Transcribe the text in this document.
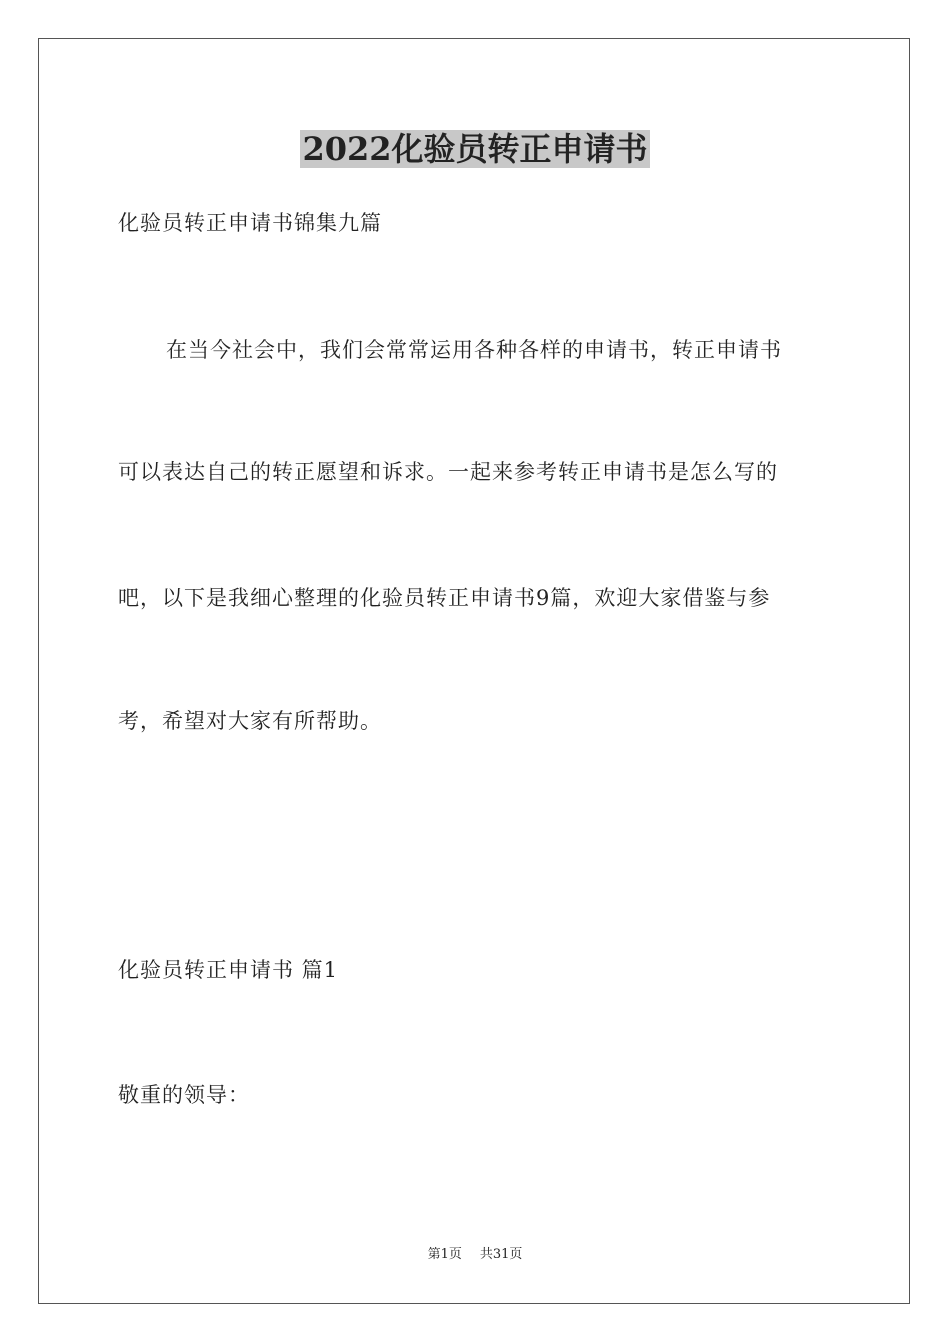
2022化验员转正申请书
化验员转正申请书锦集九篇
在当今社会中，我们会常常运用各种各样的申请书，转正申请书
可以表达自己的转正愿望和诉求。一起来参考转正申请书是怎么写的
吧，以下是我细心整理的化验员转正申请书9篇，欢迎大家借鉴与参
考，希望对大家有所帮助。
化验员转正申请书 篇1
敬重的领导：
第1页 共31页
